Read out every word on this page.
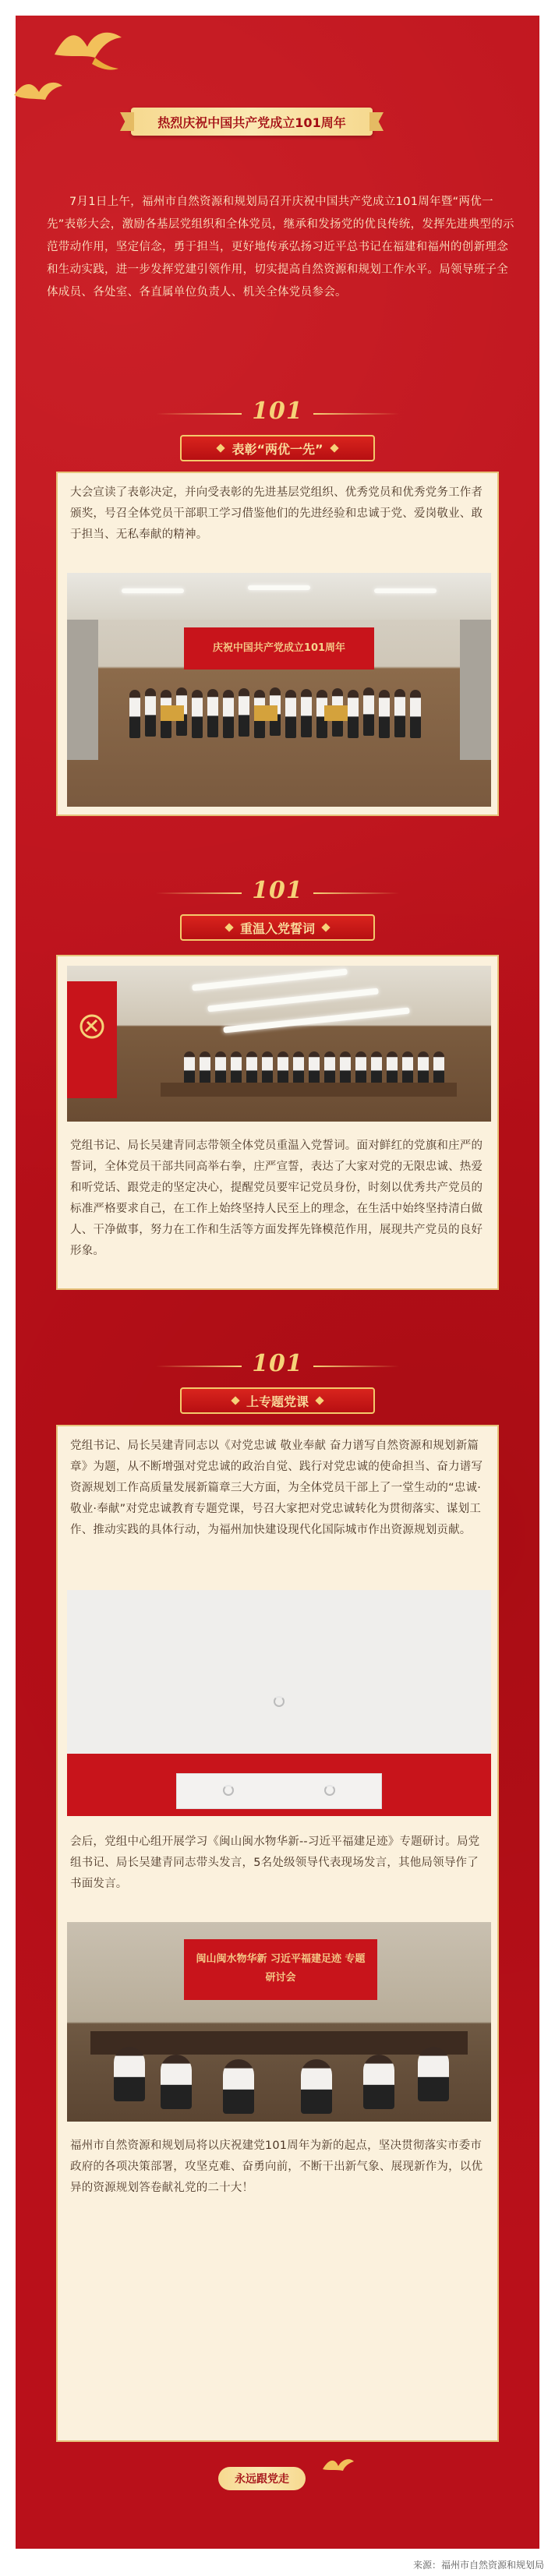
热烈庆祝中国共产党成立101周年
7月1日上午，福州市自然资源和规划局召开庆祝中国共产党成立101周年暨“两优一先”表彰大会，激励各基层党组织和全体党员，继承和发扬党的优良传统，发挥先进典型的示范带动作用，坚定信念，勇于担当，更好地传承弘扬习近平总书记在福建和福州的创新理念和生动实践，进一步发挥党建引领作用，切实提高自然资源和规划工作水平。局领导班子全体成员、各处室、各直属单位负责人、机关全体党员参会。
101
表彰“两优一先”

大会宣读了表彰决定，并向受表彰的先进基层党组织、优秀党员和优秀党务工作者颁奖，号召全体党员干部职工学习借鉴他们的先进经验和忠诚于党、爱岗敬业、敢于担当、无私奉献的精神。

庆祝中国共产党成立101周年
101
重温入党誓词

党组书记、局长吴建青同志带领全体党员重温入党誓词。面对鲜红的党旗和庄严的誓词，全体党员干部共同高举右拳，庄严宣誓，表达了大家对党的无限忠诚、热爱和听党话、跟党走的坚定决心，提醒党员要牢记党员身份，时刻以优秀共产党员的标准严格要求自己，在工作上始终坚持人民至上的理念，在生活中始终坚持清白做人、干净做事，努力在工作和生活等方面发挥先锋模范作用，展现共产党员的良好形象。

101
上专题党课

党组书记、局长吴建青同志以《对党忠诚 敬业奉献 奋力谱写自然资源和规划新篇章》为题，从不断增强对党忠诚的政治自觉、践行对党忠诚的使命担当、奋力谱写资源规划工作高质量发展新篇章三大方面，为全体党员干部上了一堂生动的“忠诚·敬业·奉献”对党忠诚教育专题党课，号召大家把对党忠诚转化为贯彻落实、谋划工作、推动实践的具体行动，为福州加快建设现代化国际城市作出资源规划贡献。

会后，党组中心组开展学习《闽山闽水物华新--习近平福建足迹》专题研讨。局党组书记、局长吴建青同志带头发言，5名处级领导代表现场发言，其他局领导作了书面发言。

闽山闽水物华新 习近平福建足迹 专题研讨会

福州市自然资源和规划局将以庆祝建党101周年为新的起点，坚决贯彻落实市委市政府的各项决策部署，攻坚克难、奋勇向前，不断干出新气象、展现新作为，以优异的资源规划答卷献礼党的二十大！

永远跟党走
来源：福州市自然资源和规划局
